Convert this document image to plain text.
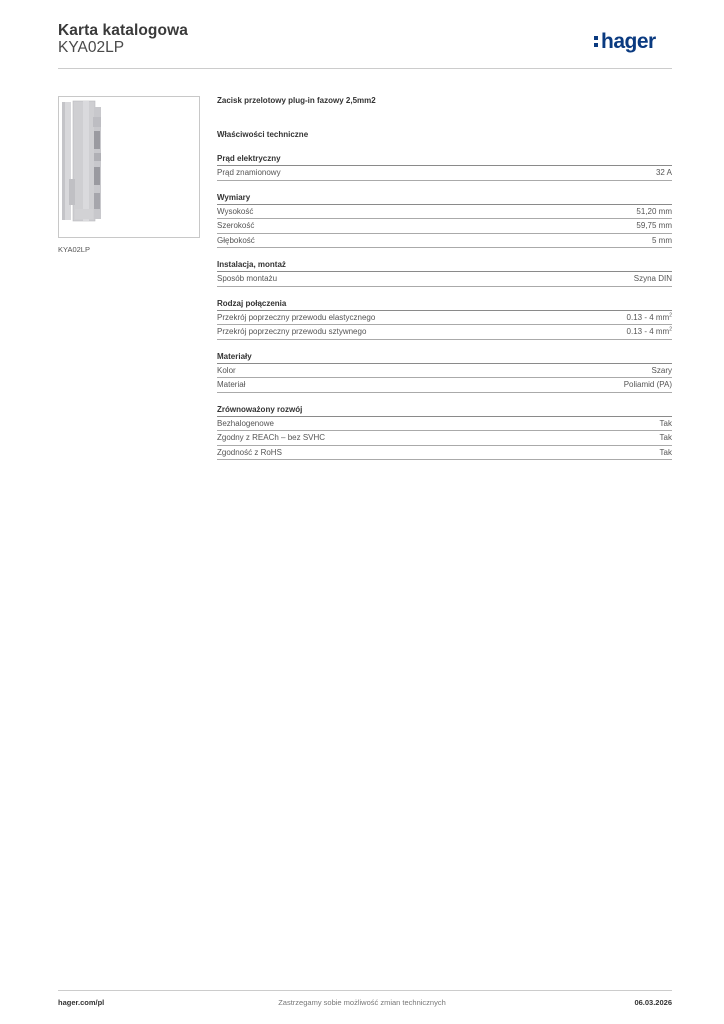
Karta katalogowa
KYA02LP	hager
KYA02LP
Zacisk przelotowy plug-in fazowy 2,5mm2
Właściwości techniczne
Prąd elektryczny
Prąd znamionowy	32 A
Wymiary
Wysokość	51,20 mm
Szerokość	59,75 mm
Głębokość	5 mm
Instalacja, montaż
Sposób montażu	Szyna DIN
Rodzaj połączenia
Przekrój poprzeczny przewodu elastycznego	0.13 - 4 $mm^2$
Przekrój poprzeczny przewodu sztywnego	0.13 - 4 $mm^2$
Materiały
Kolor	Szary
Materiał	Poliamid (PA)
Zrównoważony rozwój
Bezhalogenowe	Tak
Zgodny z REACh – bez SVHC	Tak
Zgodność z RoHS	Tak
hager.com/pl	Zastrzegamy sobie możliwość zmian technicznych	06.03.2026
